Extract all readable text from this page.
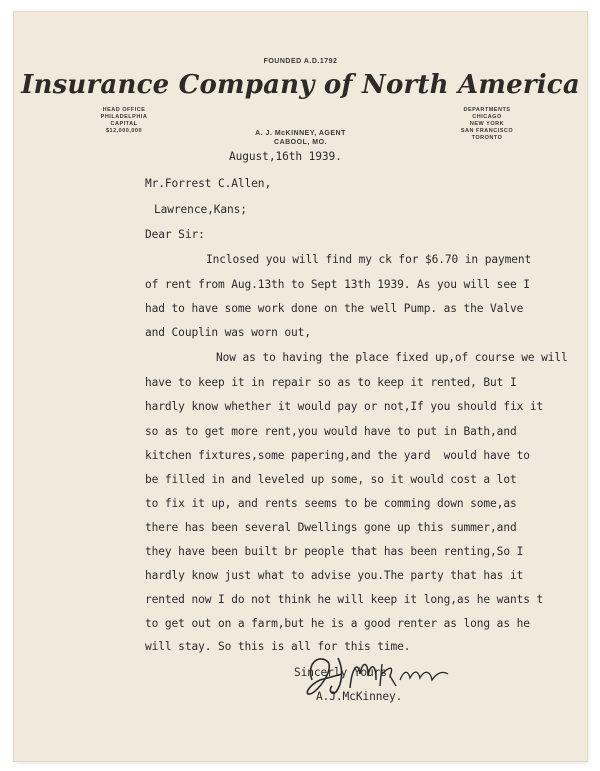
FOUNDED A.D.1792
Insurance Company of North America
HEAD OFFICE
PHILADELPHIA
CAPITAL
$12,000,000
DEPARTMENTS
CHICAGO
NEW YORK
SAN FRANCISCO
TORONTO
A. J. McKINNEY, AGENT
CABOOL, MO.
August,16th 1939.
Mr.Forrest C.Allen,
Lawrence,Kans;
Dear Sir:
Inclosed you will find my ck for $6.70 in payment
of rent from Aug.13th to Sept 13th 1939. As you will see I
had to have some work done on the well Pump. as the Valve
and Couplin was worn out,
Now as to having the place fixed up,of course we will
have to keep it in repair so as to keep it rented, But I
hardly know whether it would pay or not,If you should fix it
so as to get more rent,you would have to put in Bath,and
kitchen fixtures,some papering,and the yard  would have to
be filled in and leveled up some, so it would cost a lot
to fix it up, and rents seems to be comming down some,as
there has been several Dwellings gone up this summer,and
they have been built br people that has been renting,So I
hardly know just what to advise you.The party that has it
rented now I do not think he will keep it long,as he wants t
to get out on a farm,but he is a good renter as long as he
will stay. So this is all for this time.
Sincerly Yours,
A.J.McKinney.
